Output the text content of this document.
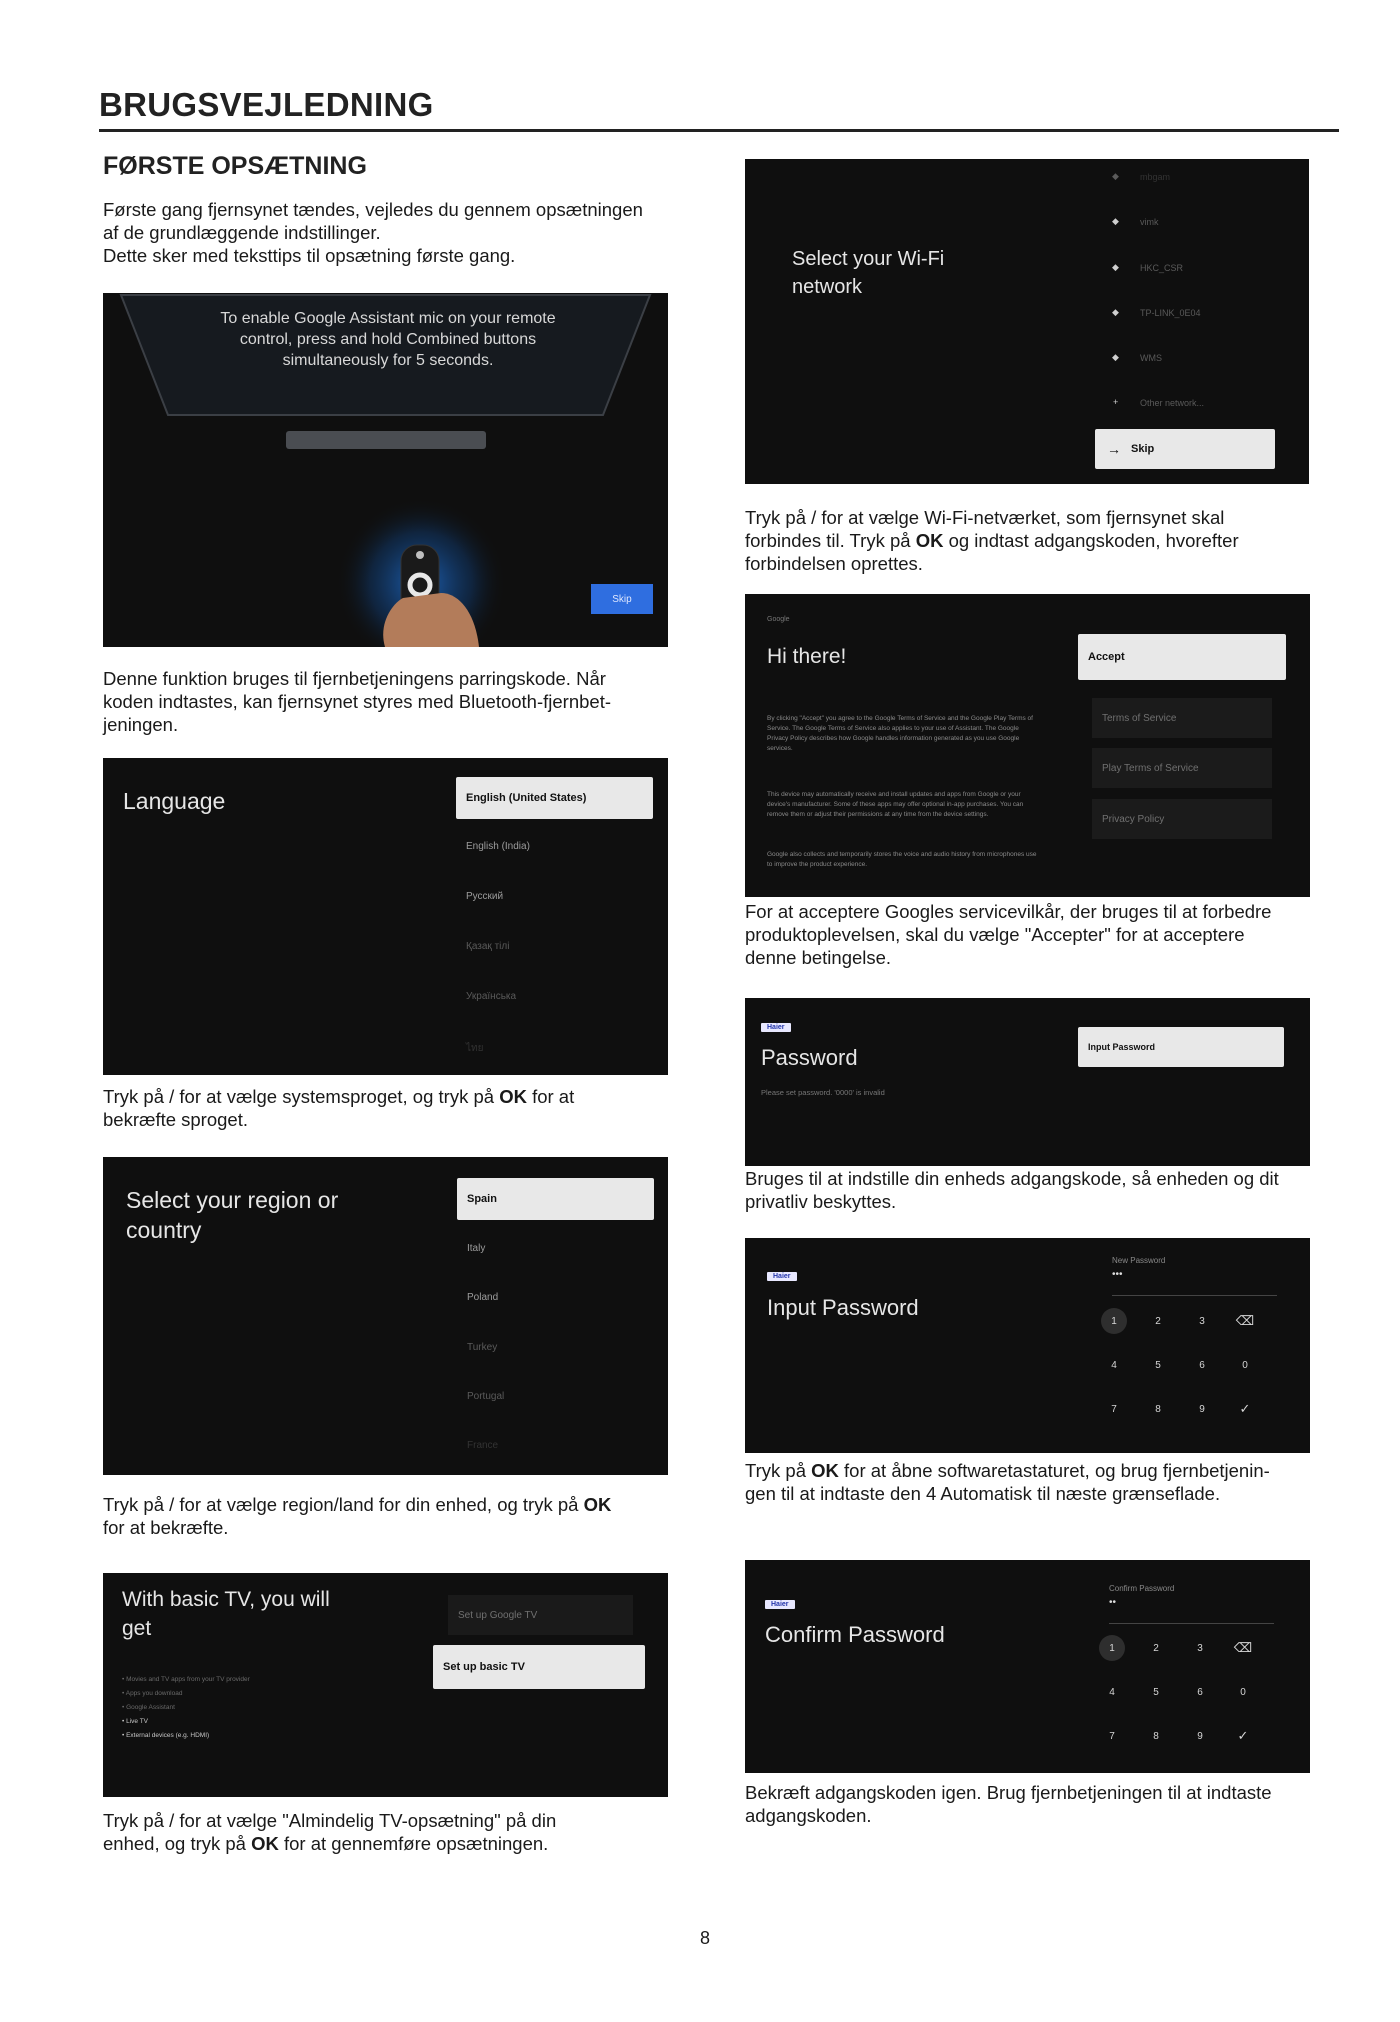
BRUGSVEJLEDNING
FØRSTE OPSÆTNING
Første gang fjernsynet tændes, vejledes du gennem opsætningen
af de grundlæggende indstillinger.
Dette sker med teksttips til opsætning første gang.
To enable Google Assistant mic on your remote
control, press and hold Combined buttons
simultaneously for 5 seconds.
Skip
Denne funktion bruges til fjernbetjeningens parringskode. Når
koden indtastes, kan fjernsynet styres med Bluetooth-fjernbet-
jeningen.
Language	English (United States)
English (India)
Русский
Қазақ тілі
Українська
ไทย
Tryk på / for at vælge systemsproget, og tryk på OK for at
bekræfte sproget.
Select your region or
country
Spain
Italy
Poland
Turkey
Portugal
France
Tryk på / for at vælge region/land for din enhed, og tryk på OK
for at bekræfte.
With basic TV, you will
get
• Movies and TV apps from your TV provider
• Apps you download
• Google Assistant
• Live TV
• External devices (e.g. HDMI)
Set up Google TV
Set up basic TV
Tryk på / for at vælge "Almindelig TV-opsætning" på din
enhed, og tryk på OK for at gennemføre opsætningen.
Select your Wi-Fi
network
◆ mbgam
◆ vimk
◆ HKC_CSR
◆ TP-LINK_0E04
◆ WMS
+ Other network...
→ Skip
Tryk på / for at vælge Wi-Fi-netværket, som fjernsynet skal
forbindes til. Tryk på OK og indtast adgangskoden, hvorefter
forbindelsen oprettes.
Google
Hi there!
By clicking "Accept" you agree to the Google Terms of Service and the Google Play Terms of Service. The Google Terms of Service also applies to your use of Assistant. The Google Privacy Policy describes how Google handles information generated as you use Google services.
This device may automatically receive and install updates and apps from Google or your device's manufacturer. Some of these apps may offer optional in-app purchases. You can remove them or adjust their permissions at any time from the device settings.
Google also collects and temporarily stores the voice and audio history from microphones use to improve the product experience.
Accept
Terms of Service
Play Terms of Service
Privacy Policy
For at acceptere Googles servicevilkår, der bruges til at forbedre
produktoplevelsen, skal du vælge "Accepter" for at acceptere
denne betingelse.
Haier
Password
Please set password. '0000' is invalid
Input Password
Bruges til at indstille din enheds adgangskode, så enheden og dit
privatliv beskyttes.
Haier
Input Password
New Password
•••
1	2	3	⌫
4	5	6	0
7	8	9	✓
Tryk på OK for at åbne softwaretastaturet, og brug fjernbetjenin-
gen til at indtaste den 4 Automatisk til næste grænseflade.
Haier
Confirm Password
Confirm Password
••
1	2	3	⌫
4	5	6	0
7	8	9	✓
Bekræft adgangskoden igen. Brug fjernbetjeningen til at indtaste
adgangskoden.
8
